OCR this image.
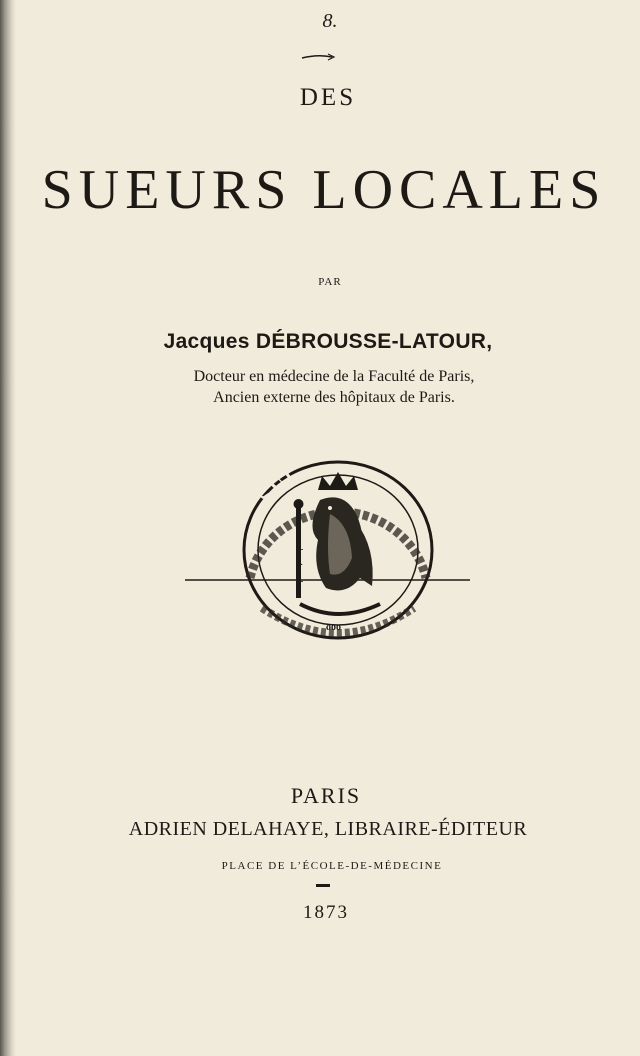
8.
DES
SUEURS LOCALES
PAR
Jacques DÉBROUSSE-LATOUR,
Docteur en médecine de la Faculté de Paris,
Ancien externe des hôpitaux de Paris.
· SUP · · ·
-
·
-
ooo
PARIS
ADRIEN DELAHAYE, LIBRAIRE-ÉDITEUR
PLACE DE L’ÉCOLE-DE-MÉDECINE
1873
